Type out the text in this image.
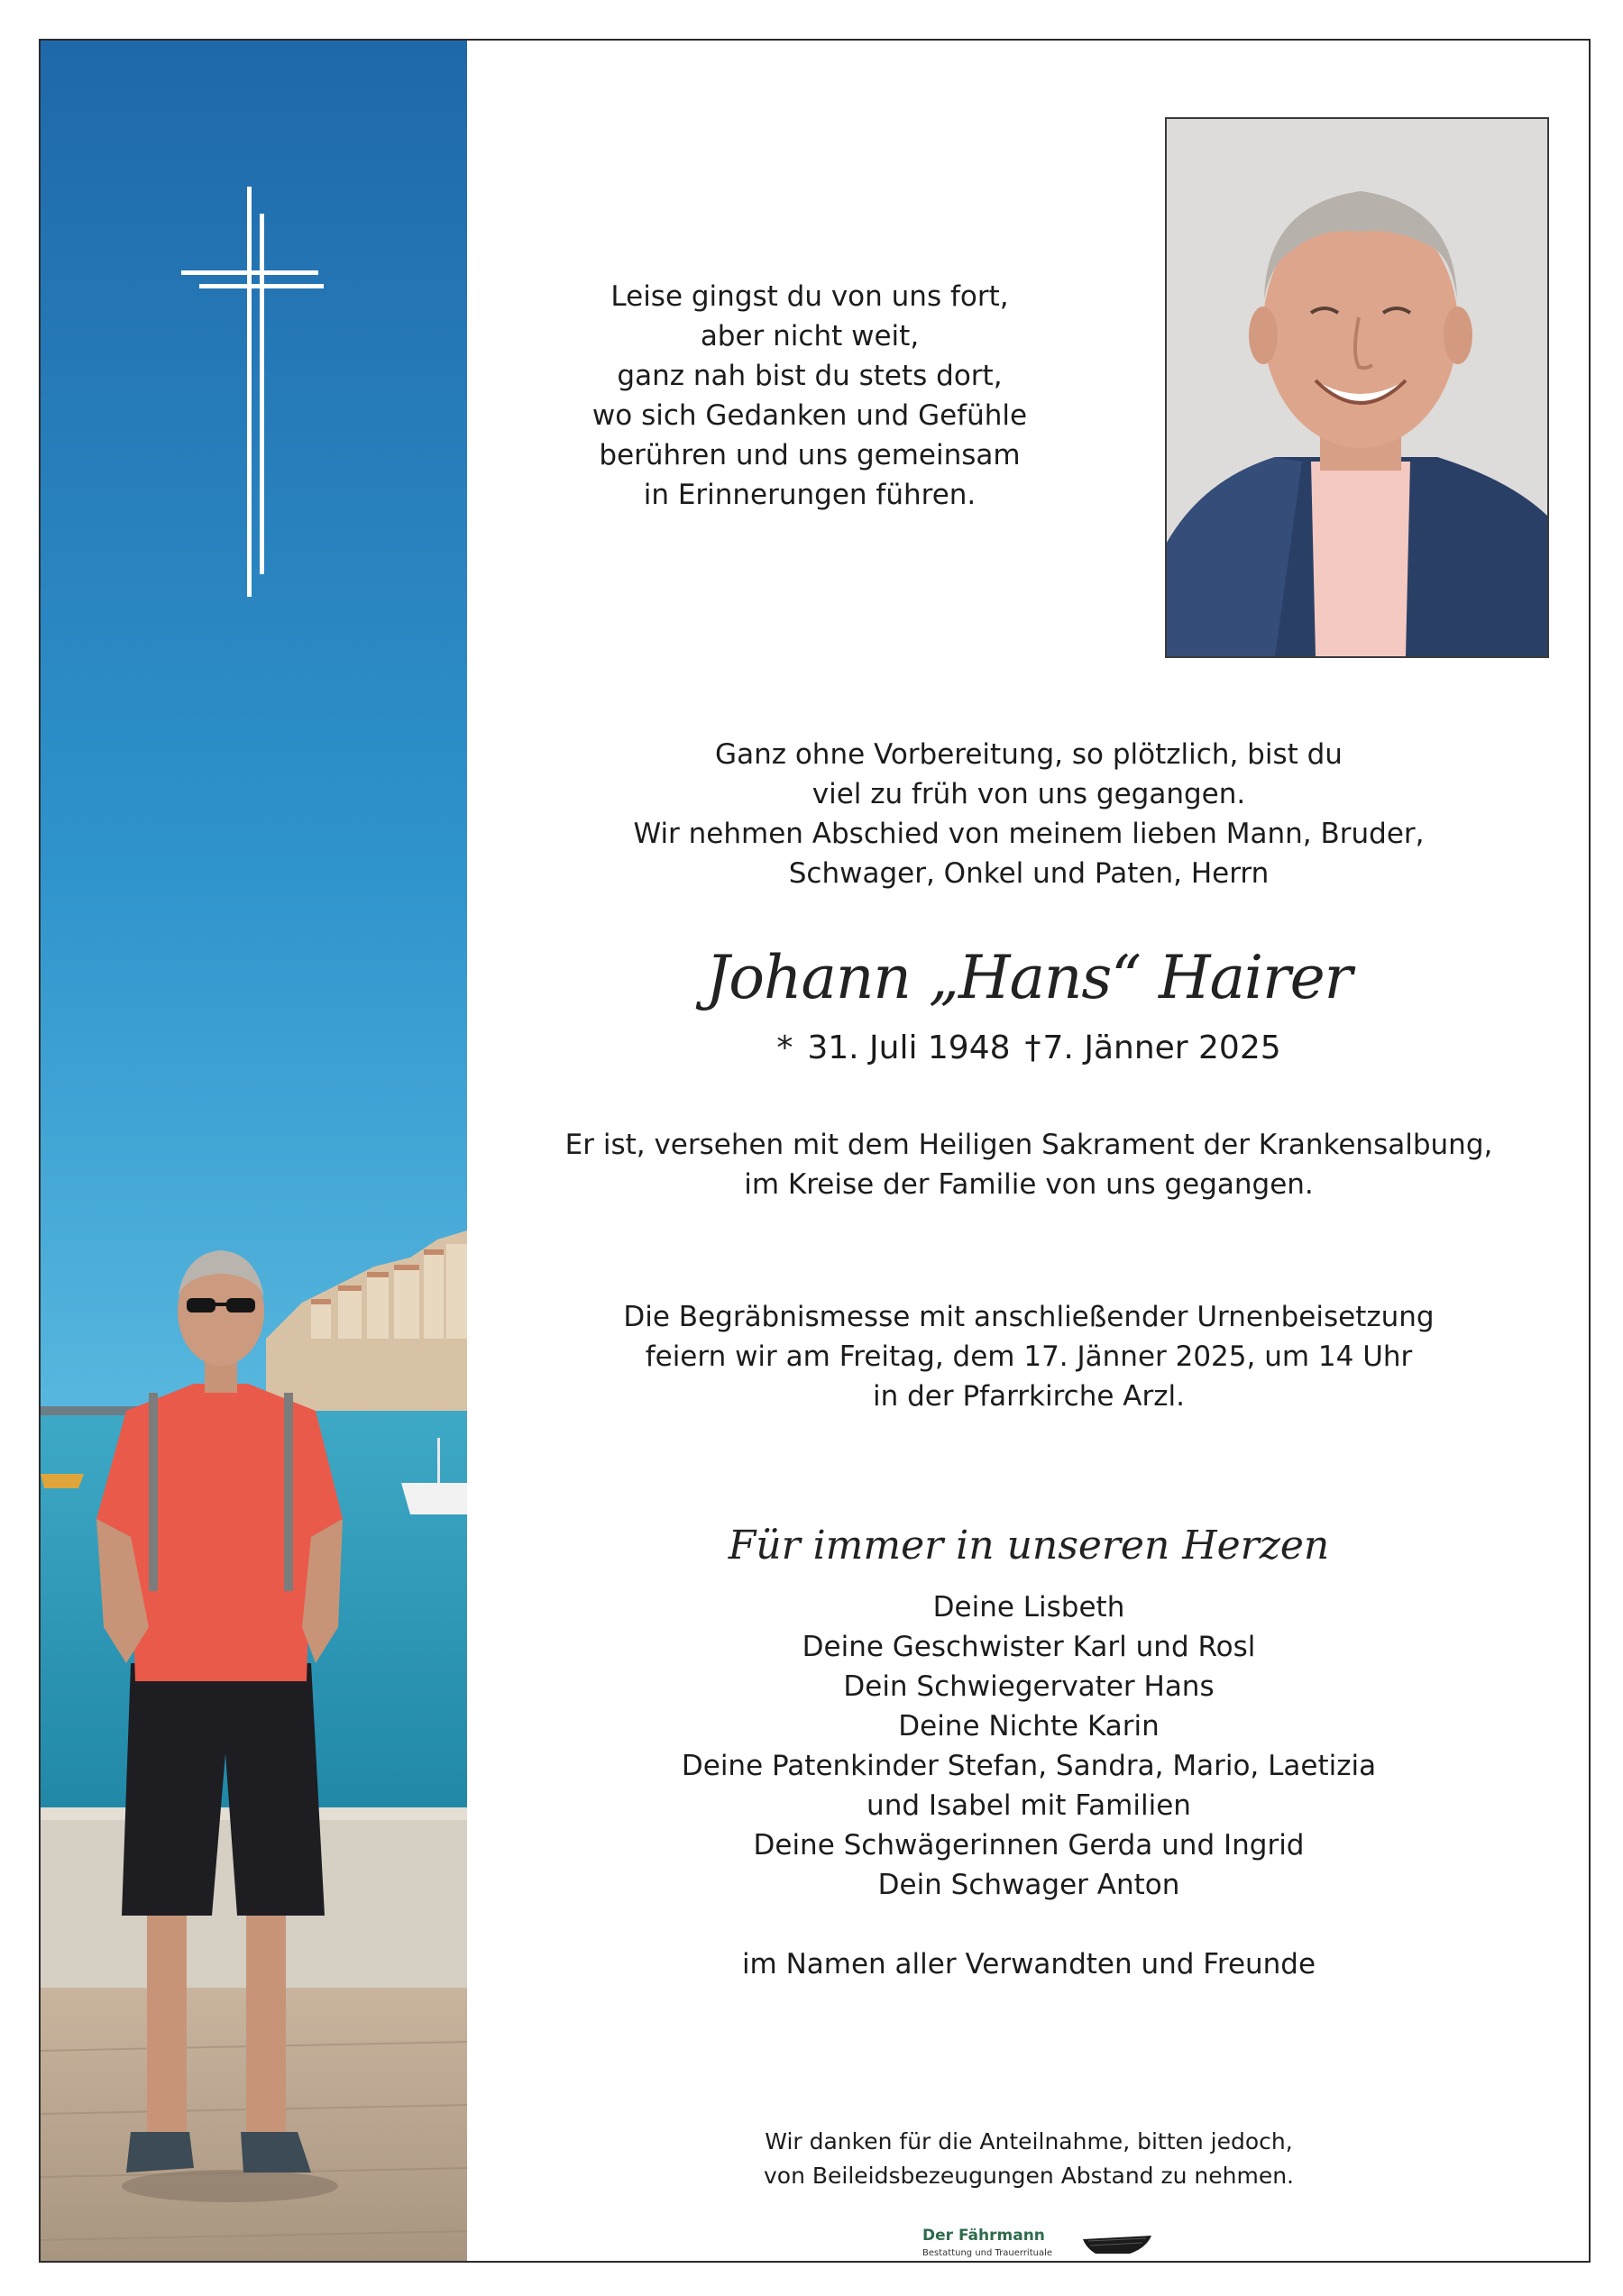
Leise gingst du von uns fort,
aber nicht weit,
ganz nah bist du stets dort,
wo sich Gedanken und Gefühle
berühren und uns gemeinsam
in Erinnerungen führen.
Ganz ohne Vorbereitung, so plötzlich, bist du
viel zu früh von uns gegangen.
Wir nehmen Abschied von meinem lieben Mann, Bruder,
Schwager, Onkel und Paten, Herrn
Johann „Hans“ Hairer
* 31. Juli 1948 †7. Jänner 2025
Er ist, versehen mit dem Heiligen Sakrament der Krankensalbung,
im Kreise der Familie von uns gegangen.
Die Begräbnismesse mit anschließender Urnenbeisetzung
feiern wir am Freitag, dem 17. Jänner 2025, um 14 Uhr
in der Pfarrkirche Arzl.
Für immer in unseren Herzen
Deine Lisbeth
Deine Geschwister Karl und Rosl
Dein Schwiegervater Hans
Deine Nichte Karin
Deine Patenkinder Stefan, Sandra, Mario, Laetizia
und Isabel mit Familien
Deine Schwägerinnen Gerda und Ingrid
Dein Schwager Anton
im Namen aller Verwandten und Freunde
Wir danken für die Anteilnahme, bitten jedoch,
von Beileidsbezeugungen Abstand zu nehmen.
Der Fährmann
Bestattung und Trauerrituale
